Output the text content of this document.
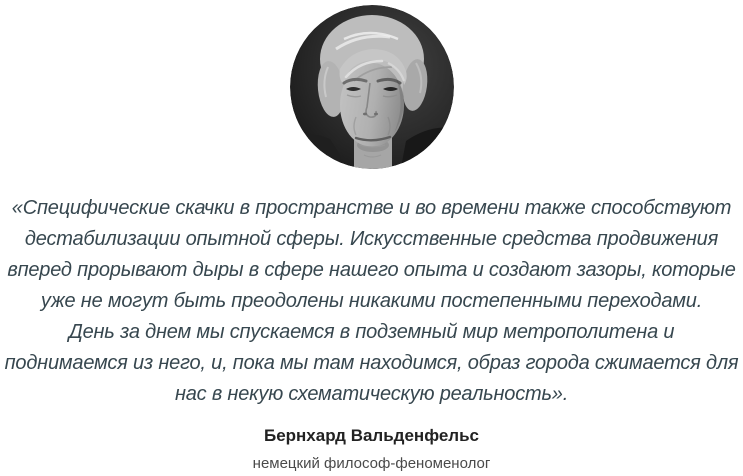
«Специфические скачки в пространстве и во времени также способствуют
дестабилизации опытной сферы. Искусственные средства продвижения
вперед прорывают дыры в сфере нашего опыта и создают зазоры, которые
уже не могут быть преодолены никакими постепенными переходами.
День за днем мы спускаемся в подземный мир метрополитена и
поднимаемся из него, и, пока мы там находимся, образ города сжимается для
нас в некую схематическую реальность».
Бернхард Вальденфельс
немецкий философ-феноменолог
